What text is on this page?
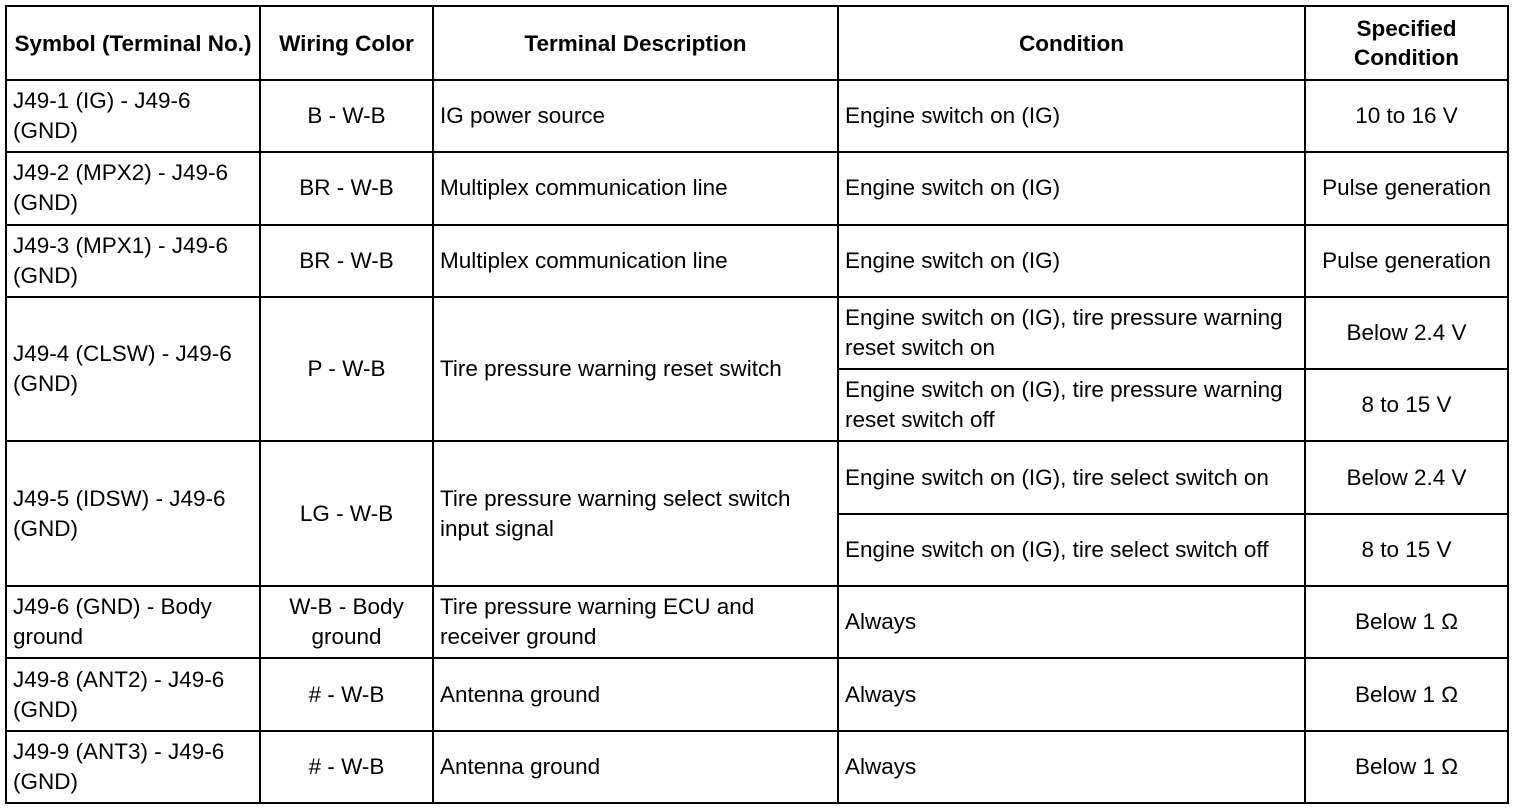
Symbol (Terminal No.)	Wiring Color	Terminal Description	Condition	Specified Condition
J49-1 (IG) - J49-6 (GND)	B - W-B	IG power source	Engine switch on (IG)	10 to 16 V
J49-2 (MPX2) - J49-6 (GND)	BR - W-B	Multiplex communication line	Engine switch on (IG)	Pulse generation
J49-3 (MPX1) - J49-6 (GND)	BR - W-B	Multiplex communication line	Engine switch on (IG)	Pulse generation
J49-4 (CLSW) - J49-6 (GND)	P - W-B	Tire pressure warning reset switch	Engine switch on (IG), tire pressure warning reset switch on	Below 2.4 V
			Engine switch on (IG), tire pressure warning reset switch off	8 to 15 V
J49-5 (IDSW) - J49-6 (GND)	LG - W-B	Tire pressure warning select switch input signal	Engine switch on (IG), tire select switch on	Below 2.4 V
			Engine switch on (IG), tire select switch off	8 to 15 V
J49-6 (GND) - Body ground	W-B - Body ground	Tire pressure warning ECU and receiver ground	Always	Below 1 Ω
J49-8 (ANT2) - J49-6 (GND)	# - W-B	Antenna ground	Always	Below 1 Ω
J49-9 (ANT3) - J49-6 (GND)	# - W-B	Antenna ground	Always	Below 1 Ω
